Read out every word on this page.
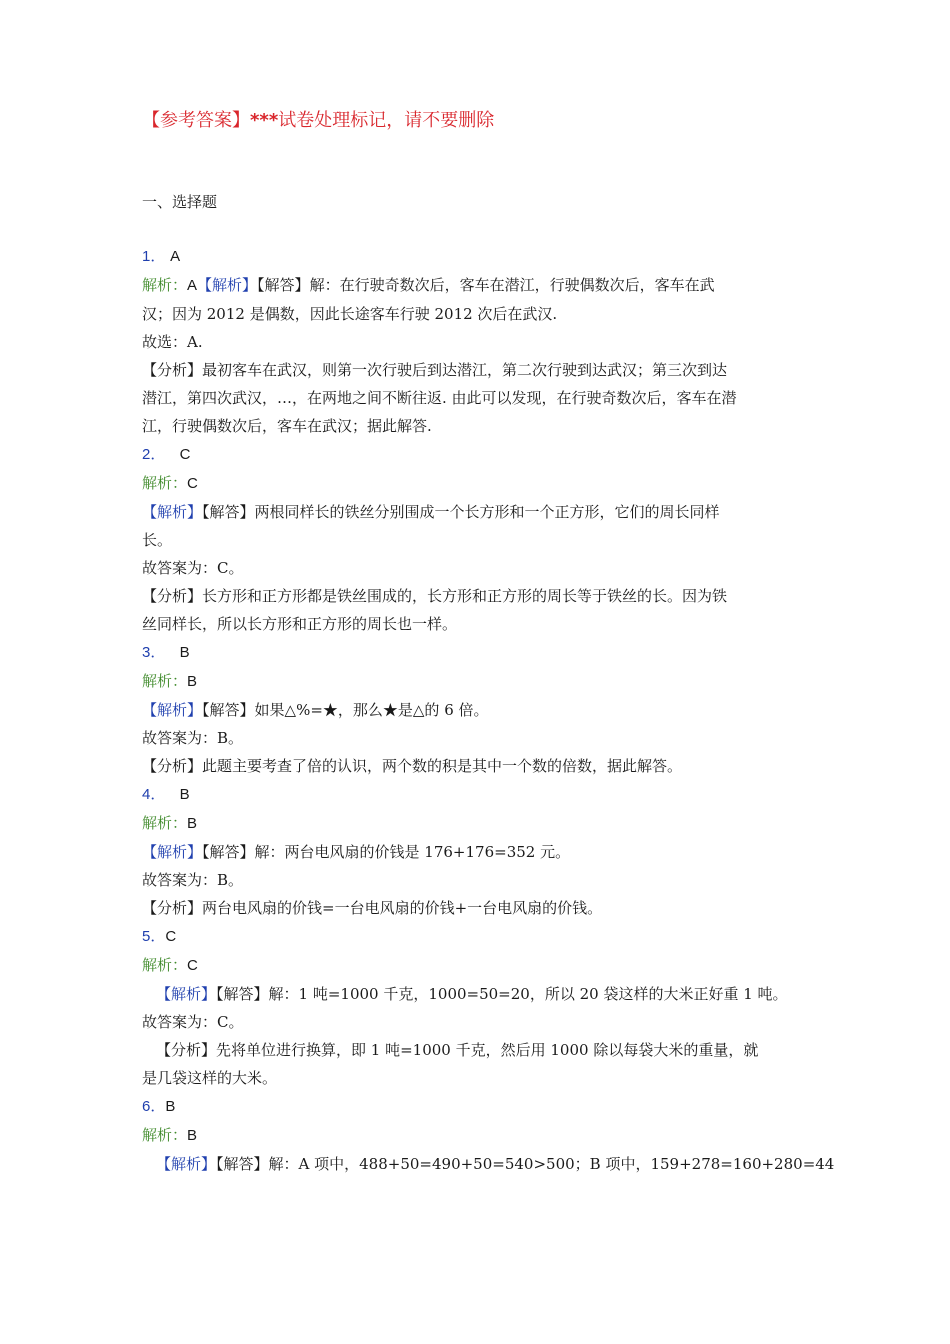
【参考答案】***试卷处理标记，请不要删除
一、选择题

1． A

解析：A【解析】【解答】解：在行驶奇数次后，客车在潜江，行驶偶数次后，客车在武

汉；因为 2012 是偶数，因此长途客车行驶 2012 次后在武汉.

故选：A.

【分析】最初客车在武汉，则第一次行驶后到达潜江，第二次行驶到达武汉；第三次到达

潜江，第四次武汉，…，在两地之间不断往返. 由此可以发现，在行驶奇数次后，客车在潜

江，行驶偶数次后，客车在武汉；据此解答.

2． C

解析：C

【解析】【解答】两根同样长的铁丝分别围成一个长方形和一个正方形，它们的周长同样

长。

故答案为：C。

【分析】长方形和正方形都是铁丝围成的，长方形和正方形的周长等于铁丝的长。因为铁

丝同样长，所以长方形和正方形的周长也一样。

3． B

解析：B

【解析】【解答】如果△%=★，那么★是△的 6 倍。

故答案为：B。

【分析】此题主要考查了倍的认识，两个数的积是其中一个数的倍数，据此解答。

4． B

解析：B

【解析】【解答】解：两台电风扇的价钱是 176+176=352 元。

故答案为：B。

【分析】两台电风扇的价钱=一台电风扇的价钱+一台电风扇的价钱。

5．C

解析：C

【解析】【解答】解：1 吨=1000 千克，1000=50=20，所以 20 袋这样的大米正好重 1 吨。

故答案为：C。

【分析】先将单位进行换算，即 1 吨=1000 千克，然后用 1000 除以每袋大米的重量，就

是几袋这样的大米。

6．B

解析：B

【解析】【解答】解：A 项中，488+50=490+50=540>500；B 项中，159+278=160+280=44
